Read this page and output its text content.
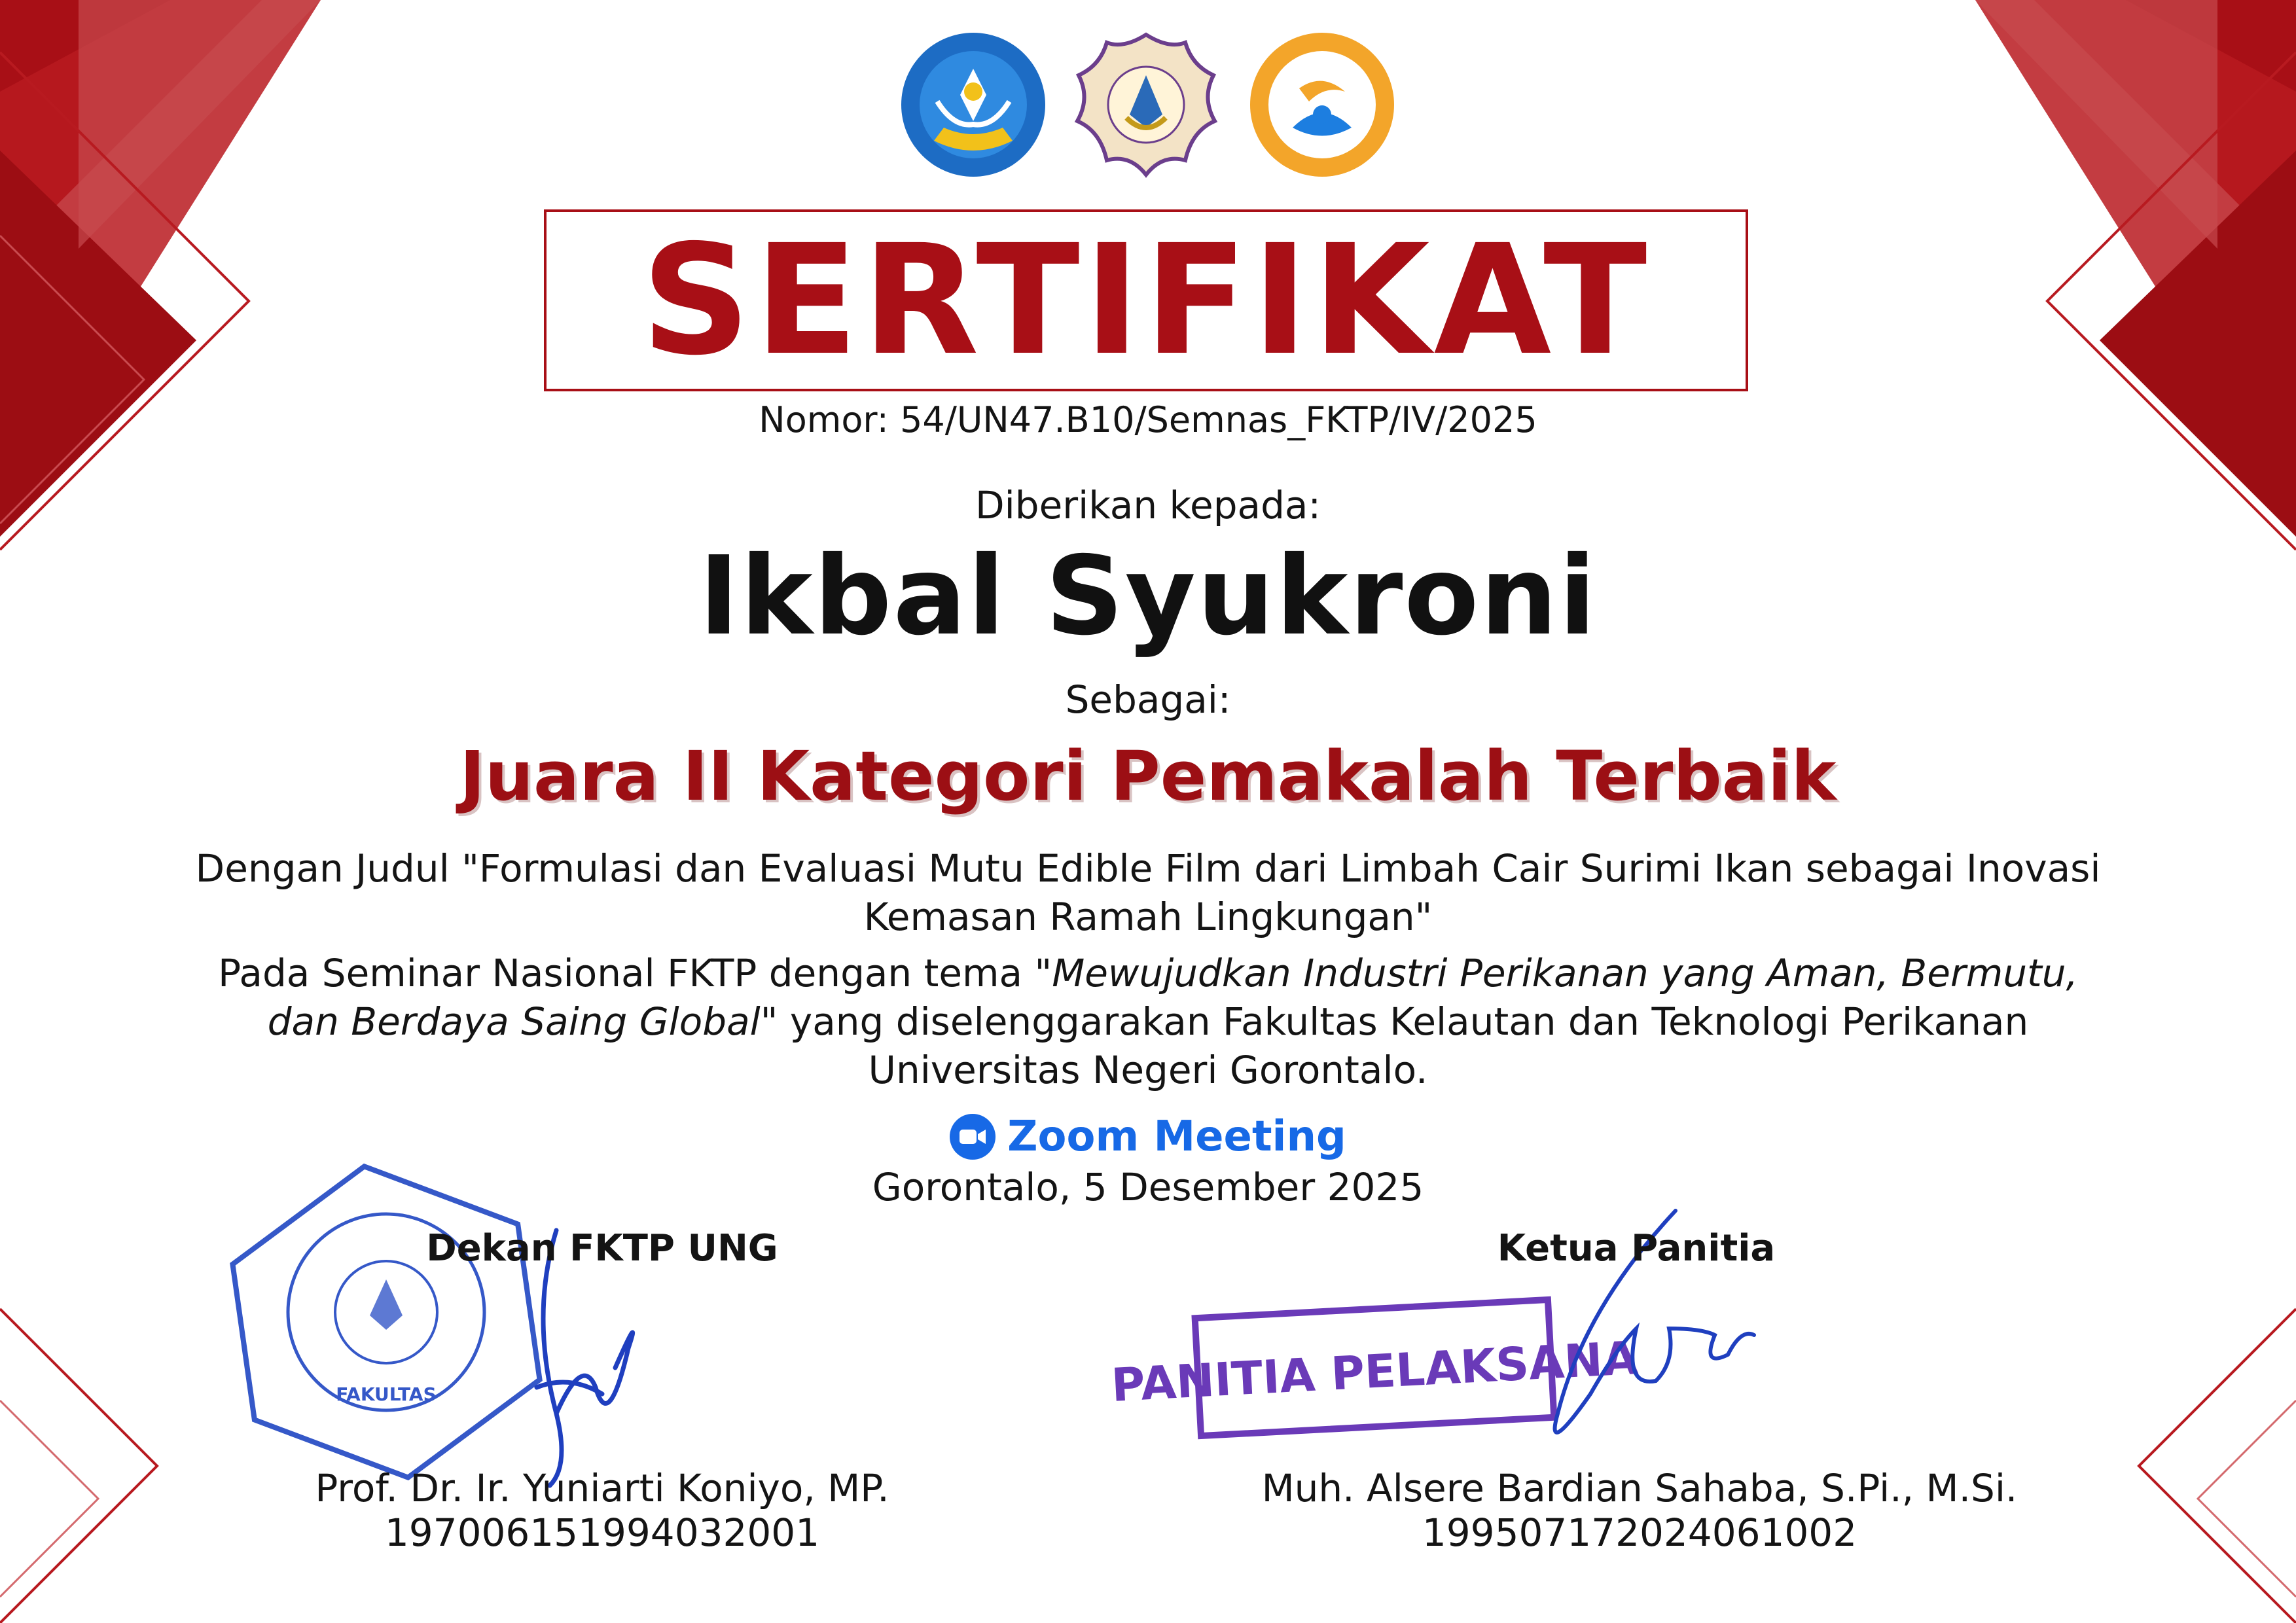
SERTIFIKAT
Nomor: 54/UN47.B10/Semnas_FKTP/IV/2025
Diberikan kepada:
Ikbal Syukroni
Sebagai:
Juara II Kategori Pemakalah Terbaik
Dengan Judul "Formulasi dan Evaluasi Mutu Edible Film dari Limbah Cair Surimi Ikan sebagai Inovasi
Kemasan Ramah Lingkungan"
Pada Seminar Nasional FKTP dengan tema "Mewujudkan Industri Perikanan yang Aman, Bermutu,
dan Berdaya Saing Global" yang diselenggarakan Fakultas Kelautan dan Teknologi Perikanan
Universitas Negeri Gorontalo.
Zoom Meeting
Gorontalo, 5 Desember 2025
FAKULTAS	PANITIA PELAKSANA
Dekan FKTP UNG	Ketua Panitia
Prof. Dr. Ir. Yuniarti Koniyo, MP.
197006151994032001
Muh. Alsere Bardian Sahaba, S.Pi., M.Si.
199507172024061002
